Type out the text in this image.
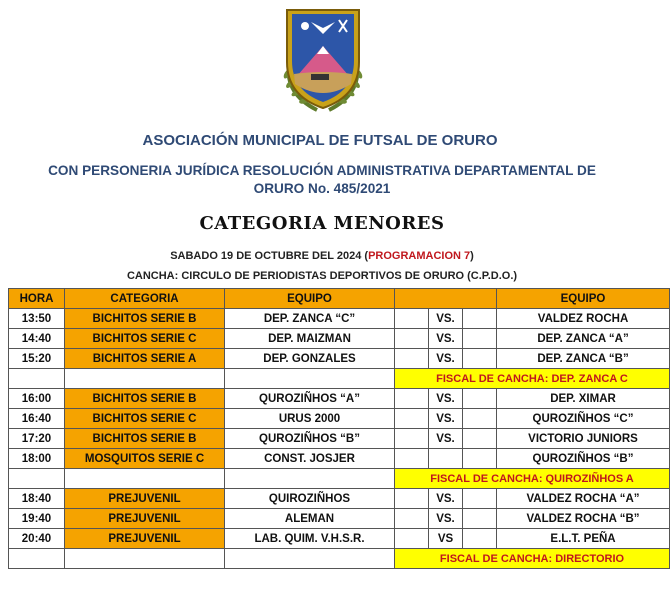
ASOCIACIÓN MUNICIPAL DE FUTSAL DE ORURO
CON PERSONERIA JURÍDICA RESOLUCIÓN ADMINISTRATIVA DEPARTAMENTAL DE
ORURO No. 485/2021
CATEGORIA MENORES
SABADO 19 DE OCTUBRE DEL 2024 (PROGRAMACION 7)
CANCHA: CIRCULO DE PERIODISTAS DEPORTIVOS DE ORURO (C.P.D.O.)
HORA	CATEGORIA	EQUIPO				EQUIPO
13:50	BICHITOS SERIE B	DEP. ZANCA “C”		VS.		VALDEZ ROCHA
14:40	BICHITOS SERIE C	DEP. MAIZMAN		VS.		DEP. ZANCA “A”
15:20	BICHITOS SERIE A	DEP. GONZALES		VS.		DEP. ZANCA “B”
			FISCAL DE CANCHA: DEP. ZANCA C			
16:00	BICHITOS SERIE B	QUROZIÑHOS “A”		VS.		DEP. XIMAR
16:40	BICHITOS SERIE C	URUS 2000		VS.		QUROZIÑHOS “C”
17:20	BICHITOS SERIE B	QUROZIÑHOS “B”		VS.		VICTORIO JUNIORS
18:00	MOSQUITOS SERIE C	CONST. JOSJER				QUROZIÑHOS “B”
			FISCAL DE CANCHA: QUIROZIÑHOS A			
18:40	PREJUVENIL	QUIROZIÑHOS		VS.		VALDEZ ROCHA “A”
19:40	PREJUVENIL	ALEMAN		VS.		VALDEZ ROCHA “B”
20:40	PREJUVENIL	LAB. QUIM. V.H.S.R.		VS		E.L.T. PEÑA
			FISCAL DE CANCHA: DIRECTORIO			
